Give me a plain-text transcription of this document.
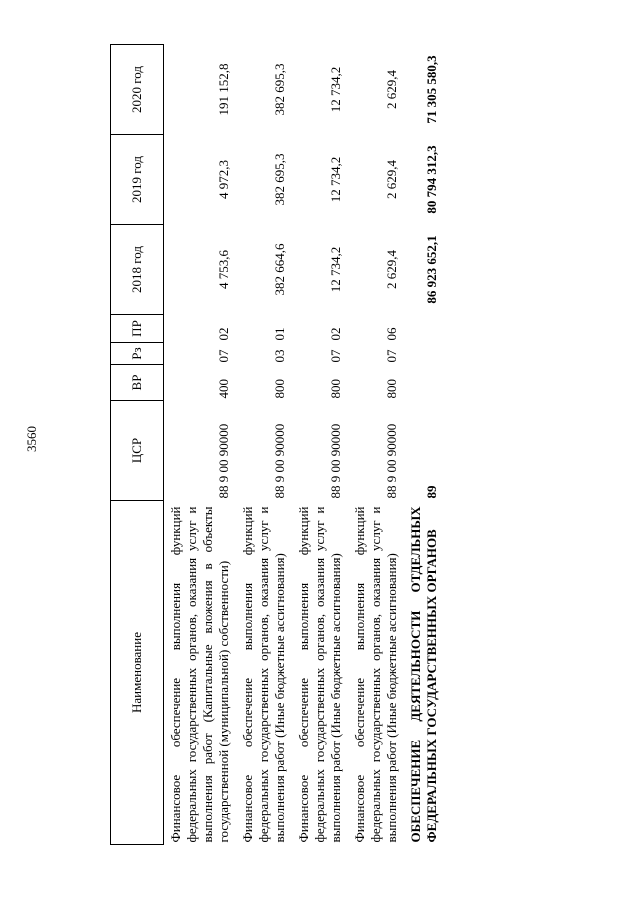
3560
Наименование	ЦСР	ВР	Рз	ПР	2018 год	2019 год	2020 год
Финансовое обеспечение выполнения функций федеральных государственных органов, оказания услуг и выполнения работ (Капитальные вложения в объекты государственной (муниципальной) собственности)	88 9 00 90000	400	07	02	4 753,6	4 972,3	191 152,8
Финансовое обеспечение выполнения функций федеральных государственных органов, оказания услуг и выполнения работ (Иные бюджетные ассигнования)	88 9 00 90000	800	03	01	382 664,6	382 695,3	382 695,3
Финансовое обеспечение выполнения функций федеральных государственных органов, оказания услуг и выполнения работ (Иные бюджетные ассигнования)	88 9 00 90000	800	07	02	12 734,2	12 734,2	12 734,2
Финансовое обеспечение выполнения функций федеральных государственных органов, оказания услуг и выполнения работ (Иные бюджетные ассигнования)	88 9 00 90000	800	07	06	2 629,4	2 629,4	2 629,4
ОБЕСПЕЧЕНИЕ ДЕЯТЕЛЬНОСТИ ОТДЕЛЬНЫХ ФЕДЕРАЛЬНЫХ ГОСУДАРСТВЕННЫХ ОРГАНОВ	89				86 923 652,1	80 794 312,3	71 305 580,3
